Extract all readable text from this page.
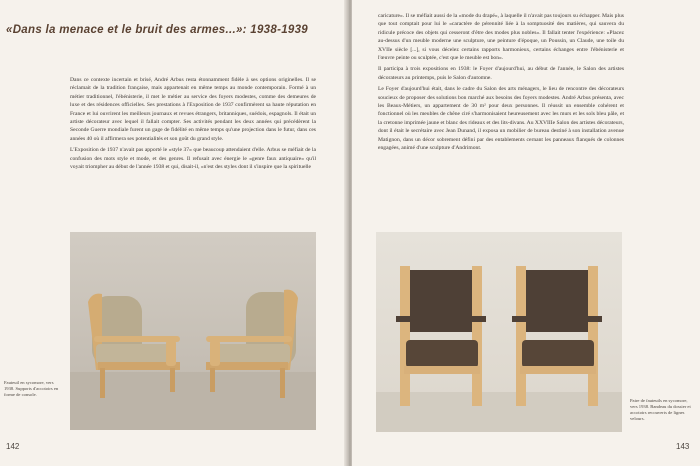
«Dans la menace et le bruit des armes...»: 1938-1939

Dans ce contexte incertain et brisé, André Arbus resta étonnamment fidèle à ses options originelles. Il se réclamait de la tradition française, mais appartenait en même temps au monde contemporain. Formé à un métier traditionnel, l'ébénisterie, il met le métier au service des foyers modestes, comme des demeures de luxe et des résidences officielles. Ses prestations à l'Exposition de 1937 confirmèrent sa haute réputation en France et lui ouvrirent les meilleurs journaux et revues étrangers, britanniques, suédois, espagnols. Il était un artiste décorateur avec lequel il fallait compter. Ses activités pendant les deux années qui précédèrent la Seconde Guerre mondiale furent un gage de fidélité en même temps qu'une projection dans le futur, dans ces années 40 où il affirmera ses potentialités et son goût du grand style.

L'Exposition de 1937 n'avait pas apporté le «style 37» que beaucoup attendaient d'elle. Arbus se méfiait de la confusion des mots style et mode, et des genres. Il refusait avec énergie le «genre faux antiquaire» qu'il voyait triompher au début de l'année 1938 et qui, disait-il, «n'est des styles dont il s'inspire que la spirituelle

Fauteuil en sycomore, vers 1938. Supports d'accotoirs en forme de console.
142

caricature». Il se méfiait aussi de la «mode du drapé», à laquelle il n'avait pas toujours su échapper. Mais plus que tout comptait pour lui le «caractère de pérennité liée à la somptuosité des matières, qui sauvera du ridicule précoce des objets qui cesseront d'être des modes plus nobles». Il fallait tenter l'expérience: «Placez au-dessus d'un meuble moderne une sculpture, une peinture d'époque, un Poussin, un Claude, une toile du XVIIe siècle [...], si vous décelez certains rapports harmonieux, certains échanges entre l'ébénisterie et l'œuvre peinte ou sculptée, c'est que le meuble est bon».

Il participa à trois expositions en 1938: le Foyer d'aujourd'hui, au début de l'année, le Salon des artistes décorateurs au printemps, puis le Salon d'automne.

Le Foyer d'aujourd'hui était, dans le cadre du Salon des arts ménagers, le lieu de rencontre des décorateurs soucieux de proposer des solutions bon marché aux besoins des foyers modestes. André Arbus présenta, avec les Beaux-Métiers, un appartement de 30 m² pour deux personnes. Il réussit un ensemble cohérent et fonctionnel où les meubles de chêne ciré s'harmonisaient heureusement avec les murs et les sols bleu pâle, et la cretonne imprimée jaune et blanc des rideaux et des lits-divans. Au XXVIIIe Salon des artistes décorateurs, dont il était le secrétaire avec Jean Dunand, il exposa un mobilier de bureau destiné à son installation avenue Matignon, dans un décor sobrement défini par des entablements cernant les panneaux flanqués de colonnes engagées, animé d'une sculpture d'Andrimont.

Paire de fauteuils en sycomore, vers 1938. Bandeau du dossier et accotoirs recouverts de lignes velours.
143
